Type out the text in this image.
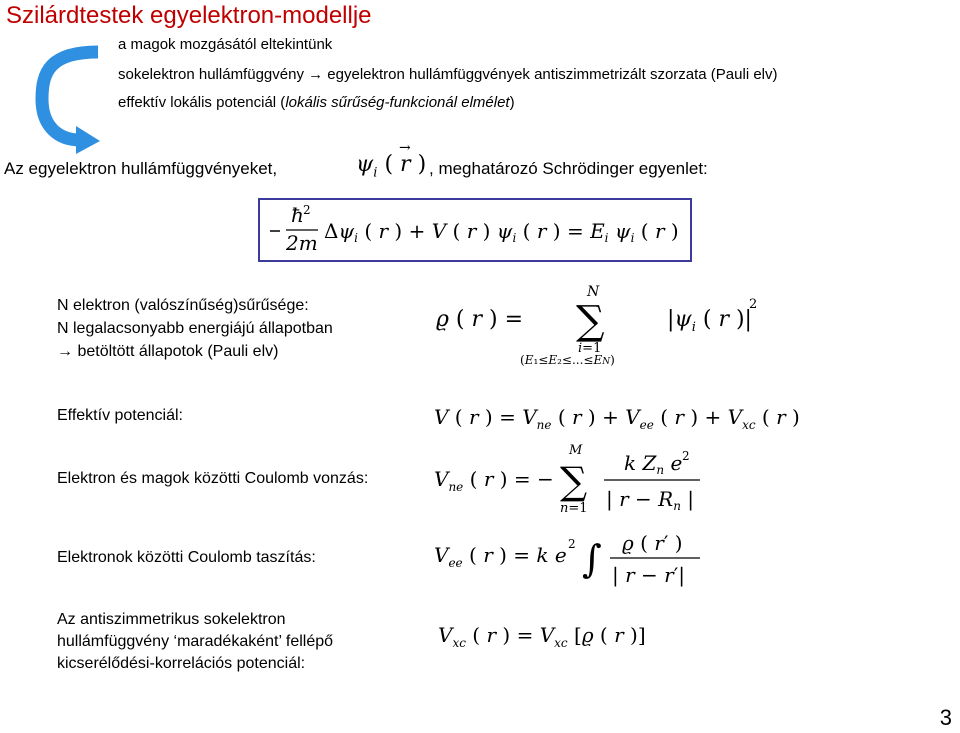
Szilárdtestek egyelektron-modellje
a magok mozgásától eltekintünk
sokelektron hullámfüggvény → egyelektron hullámfüggvények antiszimmetrizált szorzata (Pauli elv)
effektív lokális potenciál (lokális sűrűség-funkcionál elmélet)
Az egyelektron hullámfüggvényeket,	$\psi_i$ ( r
→
) , meghatározó Schrödinger egyenlet:
ħ 2
2m $\Delta\psi_i$ ( r ) + V ( r ) $\psi_i$ ( r ) = $E_i$ $\psi_i$ ( r )
N elektron (valószínűség)sűrűsége:
N legalacsonyabb energiájú állapotban
→ betöltött állapotok (Pauli elv)
ϱ ( r ) =
N
∑
i=1
(E₁≤E₂≤...≤EN)
$|\psi_i$ ( r )|
2
Effektív potenciál:	V ( r ) = $V_{ne}$ ( r ) + $V_{ee}$ ( r ) + $V_{xc}$ ( r )
Elektron és magok közötti Coulomb vonzás:	$V_{ne}$ ( r ) = −
M
∑
n=1
k $Z_n$ e 2
| $r - R_n$ |
Elektronok közötti Coulomb taszítás:	$V_{ee}$ ( r ) = k e 2 ∫ ϱ ( r′ )
| r − r′|
Az antiszimmetrikus sokelektron
hullámfüggvény ‘maradékaként’ fellépő
kicserélődési-korrelációs potenciál:
$V_{xc}$ ( r ) = $V_{xc}$ [ϱ ( r )]
3
